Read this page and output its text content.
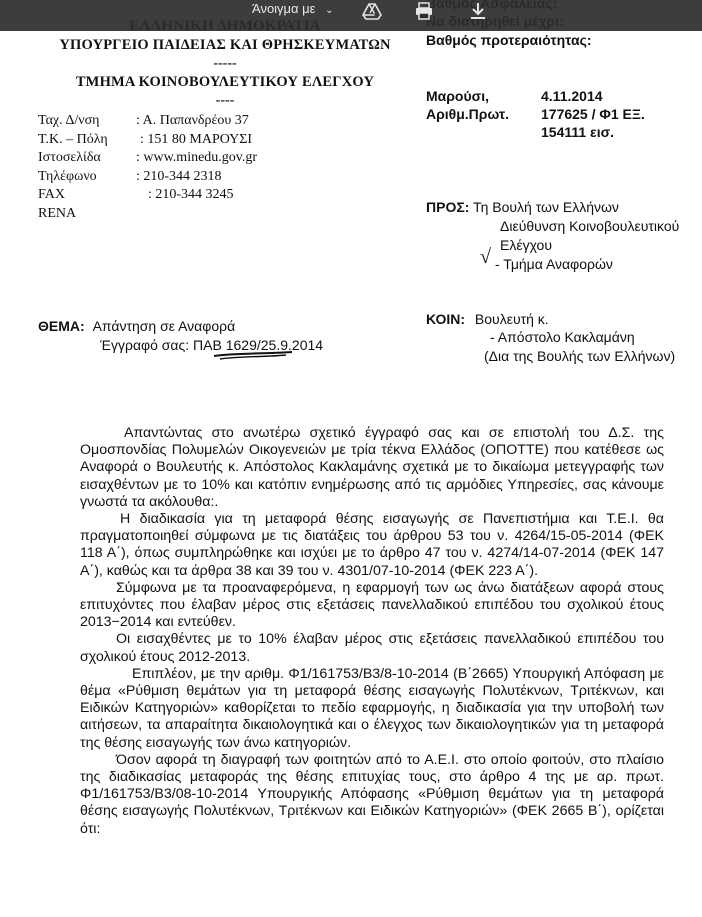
ΥΠΟΥΡΓΕΙΟ ΠΑΙΔΕΙΑΣ ΚΑΙ ΘΡΗΣΚΕΥΜΑΤΩΝ
-----
ΤΜΗΜΑ ΚΟΙΝΟΒΟΥΛΕΥΤΙΚΟΥ ΕΛΕΓΧΟΥ
----
Ταχ. Δ/νση	: Α. Παπανδρέου 37
Τ.Κ. – Πόλη : 151 80 ΜΑΡΟΥΣΙ
Ιστοσελίδα	: www.minedu.gov.gr
Τηλέφωνο	: 210-344 2318
FAX	: 210-344 3245
RENA
Βαθμός προτεραιότητας:
Μαρούσι,	4.11.2014
Αριθμ.Πρωτ. 177625 / Φ1 ΕΞ.
154111 εισ.
ΠΡΟΣ: Τη Βουλή των Ελλήνων
Διεύθυνση Κοινοβουλευτικού
Ελέγχου
√ - Τμήμα Αναφορών
ΚΟΙΝ: Βουλευτή κ.
- Απόστολο Κακλαμάνη
(Δια της Βουλής των Ελλήνων)
ΘΕΜΑ: Απάντηση σε Αναφορά
Έγγραφό σας: ΠΑΒ 1629/25.9.2014

Απαντώντας στο ανωτέρω σχετικό έγγραφό σας και σε επιστολή του Δ.Σ. της Ομοσπονδίας Πολυμελών Οικογενειών με τρία τέκνα Ελλάδος (ΟΠΟΤΤΕ) που κατέθεσε ως Αναφορά ο Βουλευτής κ. Απόστολος Κακλαμάνης σχετικά με το δικαίωμα μετεγγραφής των εισαχθέντων με το 10% και κατόπιν ενημέρωσης από τις αρμόδιες Υπηρεσίες, σας κάνουμε γνωστά τα ακόλουθα:.

Η διαδικασία για τη μεταφορά θέσης εισαγωγής σε Πανεπιστήμια και Τ.Ε.Ι. θα πραγματοποιηθεί σύμφωνα με τις διατάξεις του άρθρου 53 του ν. 4264/15-05-2014 (ΦΕΚ 118 Α΄), όπως συμπληρώθηκε και ισχύει με το άρθρο 47 του ν. 4274/14-07-2014 (ΦΕΚ 147 Α΄), καθώς και τα άρθρα 38 και 39 του ν. 4301/07-10-2014 (ΦΕΚ 223 Α΄).

Σύμφωνα με τα προαναφερόμενα, η εφαρμογή των ως άνω διατάξεων αφορά στους επιτυχόντες που έλαβαν μέρος στις εξετάσεις πανελλαδικού επιπέδου του σχολικού έτους 2013−2014 και εντεύθεν.

Οι εισαχθέντες με το 10% έλαβαν μέρος στις εξετάσεις πανελλαδικού επιπέδου του σχολικού έτους 2012-2013.

Επιπλέον, με την αριθμ. Φ1/161753/Β3/8-10-2014 (Β΄2665) Υπουργική Απόφαση με θέμα «Ρύθμιση θεμάτων για τη μεταφορά θέσης εισαγωγής Πολυτέκνων, Τριτέκνων, και Ειδικών Κατηγοριών» καθορίζεται το πεδίο εφαρμογής, η διαδικασία για την υποβολή των αιτήσεων, τα απαραίτητα δικαιολογητικά και ο έλεγχος των δικαιολογητικών για τη μεταφορά της θέσης εισαγωγής των άνω κατηγοριών.

Όσον αφορά τη διαγραφή των φοιτητών από το Α.Ε.Ι. στο οποίο φοιτούν, στο πλαίσιο της διαδικασίας μεταφοράς της θέσης επιτυχίας τους, στο άρθρο 4 της με αρ. πρωτ. Φ1/161753/Β3/08-10-2014 Υπουργικής Απόφασης «Ρύθμιση θεμάτων για τη μεταφορά θέσης εισαγωγής Πολυτέκνων, Τριτέκνων και Ειδικών Κατηγοριών» (ΦΕΚ 2665 Β΄), ορίζεται ότι:

Άνοιγμα με ⌄
